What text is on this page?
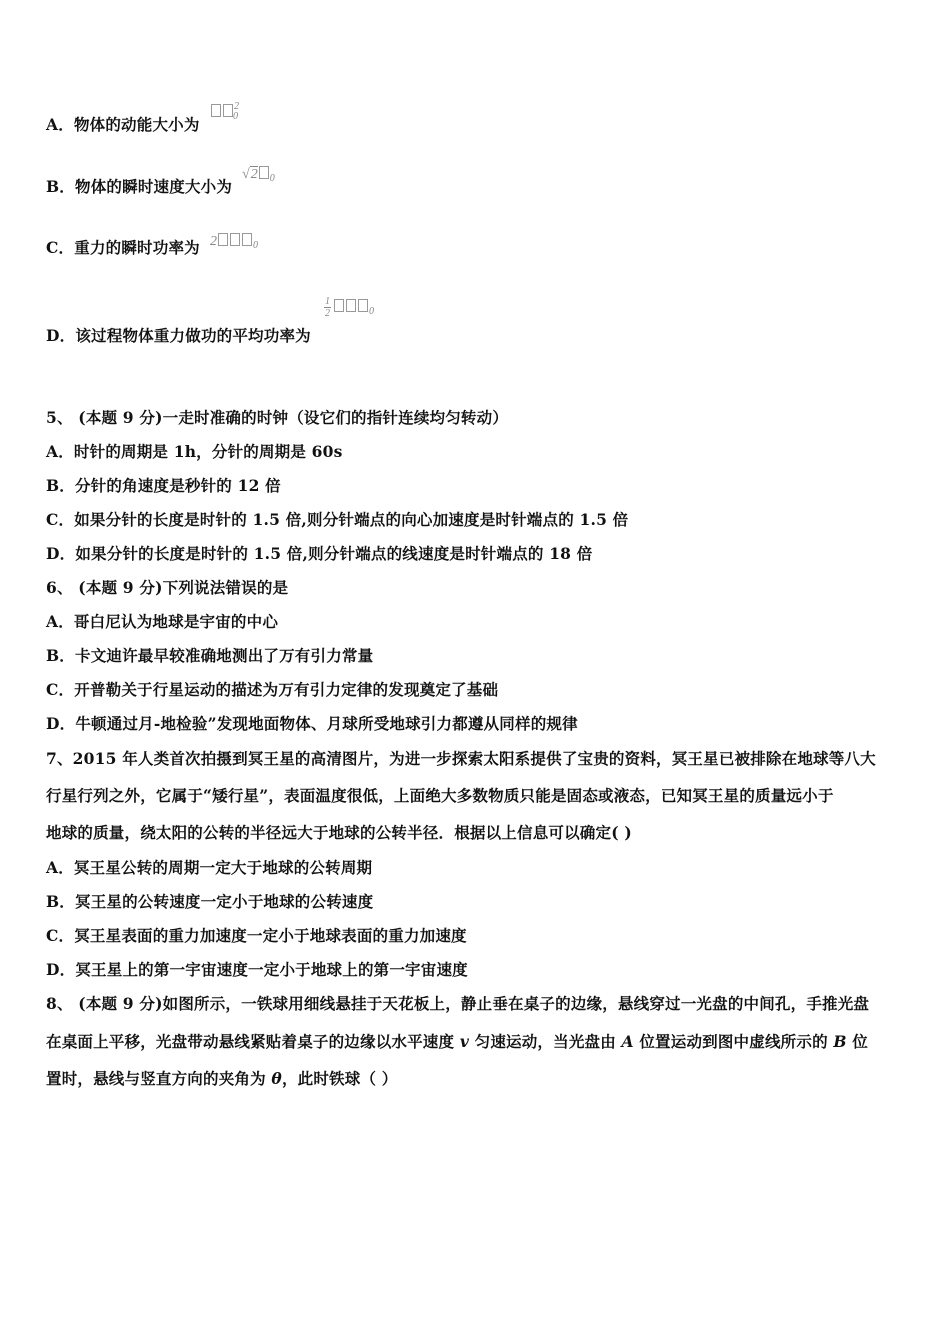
A．物体的动能大小为
$^2_0$
B．物体的瞬时速度大小为
√2 $_0$
C．重力的瞬时功率为 2	$_0$
D．该过程物体重力做功的平均功率为
$\frac{1}{2}$	$_0$
5、 (本题 9 分)一走时准确的时钟（设它们的指针连续均匀转动）
A．时针的周期是 1h，分针的周期是 60s
B．分针的角速度是秒针的 12 倍
C．如果分针的长度是时针的 1.5 倍,则分针端点的向心加速度是时针端点的 1.5 倍
D．如果分针的长度是时针的 1.5 倍,则分针端点的线速度是时针端点的 18 倍
6、 (本题 9 分)下列说法错误的是
A．哥白尼认为地球是宇宙的中心
B．卡文迪许最早较准确地测出了万有引力常量
C．开普勒关于行星运动的描述为万有引力定律的发现奠定了基础
D．牛顿通过月-地检验”发现地面物体、月球所受地球引力都遵从同样的规律
7、2015 年人类首次拍摄到冥王星的高清图片，为进一步探索太阳系提供了宝贵的资料，冥王星已被排除在地球等八大
行星行列之外，它属于“矮行星”，表面温度很低，上面绝大多数物质只能是固态或液态，已知冥王星的质量远小于
地球的质量，绕太阳的公转的半径远大于地球的公转半径．根据以上信息可以确定( )
A．冥王星公转的周期一定大于地球的公转周期
B．冥王星的公转速度一定小于地球的公转速度
C．冥王星表面的重力加速度一定小于地球表面的重力加速度
D．冥王星上的第一宇宙速度一定小于地球上的第一宇宙速度
8、 (本题 9 分)如图所示，一铁球用细线悬挂于天花板上，静止垂在桌子的边缘，悬线穿过一光盘的中间孔，手推光盘
在桌面上平移，光盘带动悬线紧贴着桌子的边缘以水平速度 v 匀速运动，当光盘由 A 位置运动到图中虚线所示的 B 位
置时，悬线与竖直方向的夹角为 θ，此时铁球（ ）
